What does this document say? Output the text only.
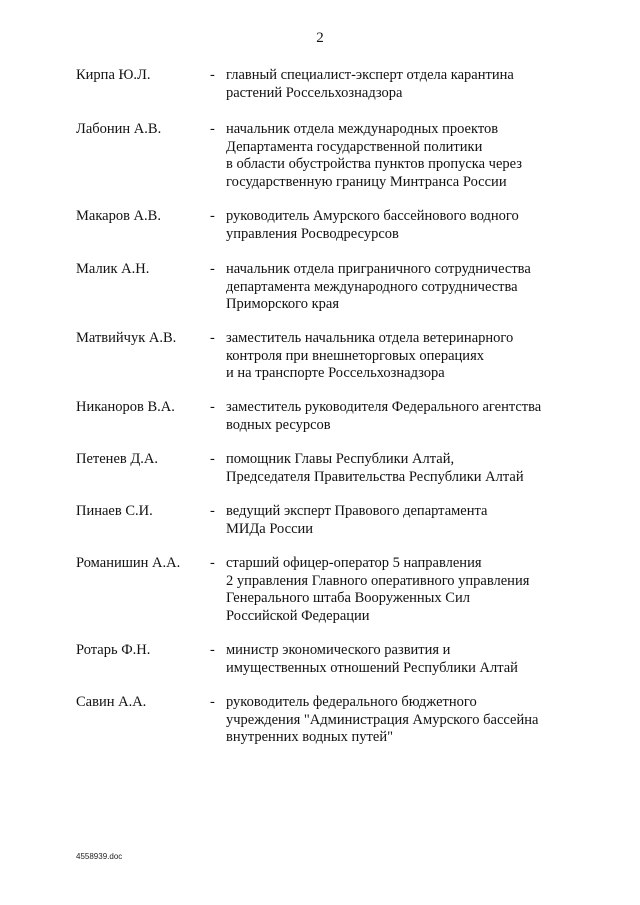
2
Кирпа Ю.Л.	- главный специалист-эксперт отдела карантина
растений Россельхознадзора
Лабонин А.В.	- начальник отдела международных проектов
Департамента государственной политики
в области обустройства пунктов пропуска через
государственную границу Минтранса России
Макаров А.В.	- руководитель Амурского бассейнового водного
управления Росводресурсов
Малик А.Н.	- начальник отдела приграничного сотрудничества
департамента международного сотрудничества
Приморского края
Матвийчук А.В. - заместитель начальника отдела ветеринарного
контроля при внешнеторговых операциях
и на транспорте Россельхознадзора
Никаноров В.А. - заместитель руководителя Федерального агентства
водных ресурсов
Петенев Д.А.	- помощник Главы Республики Алтай,
Председателя Правительства Республики Алтай
Пинаев С.И.	- ведущий эксперт Правового департамента
МИДа России
Романишин А.А. - старший офицер-оператор 5 направления
2 управления Главного оперативного управления
Генерального штаба Вооруженных Сил
Российской Федерации
Ротарь Ф.Н.	- министр экономического развития и
имущественных отношений Республики Алтай
Савин А.А.	- руководитель федерального бюджетного
учреждения "Администрация Амурского бассейна
внутренних водных путей"
4558939.doc
